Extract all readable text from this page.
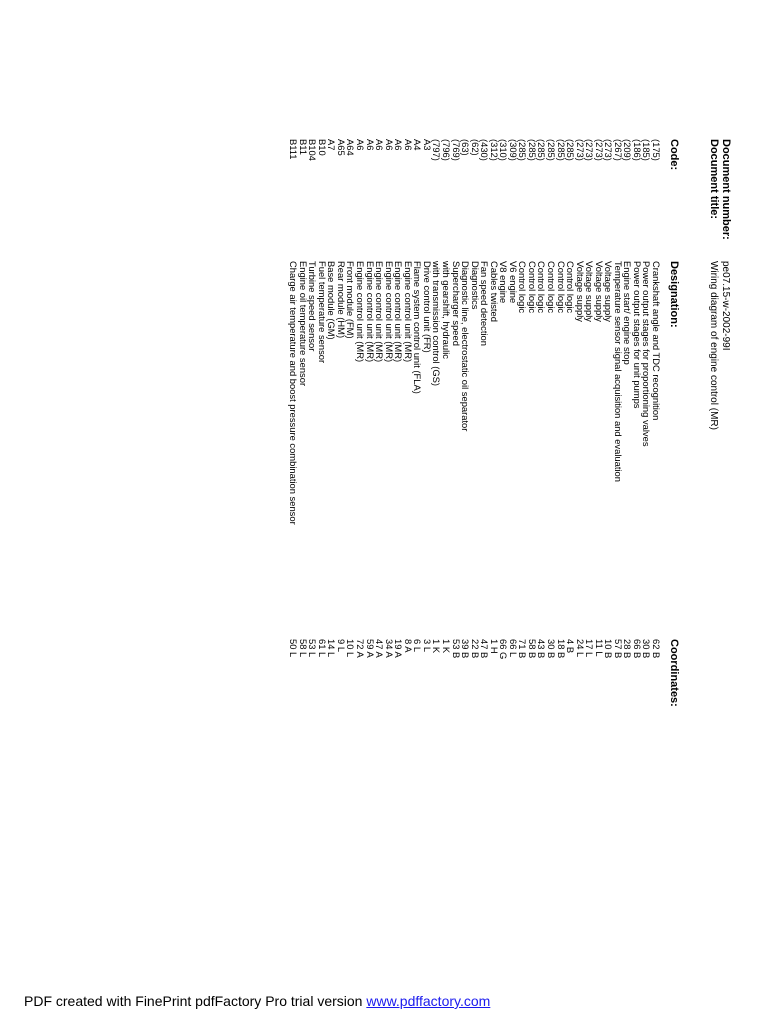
Document number:
pe07.15-w-2002-99I
Document title:
Wiring diagram of engine control (MR)
Code:
Designation:
Coordinates:
(175)
Crankshaft angle and TDC recognition
62 B
(185)
Power output stages for proportioning valves
30 B
(186)
Power output stages for unit pumps
66 B
(209)
Engine start/ engine stop
28 B
(267)
Temperature sensor signal acquisition and evaluation
57 B
(273)
Voltage supply
10 B
(273)
Voltage supply
11 L
(273)
Voltage supply
17 L
(273)
Voltage supply
24 L
(285)
Control logic
4 B
(285)
Control logic
18 B
(285)
Control logic
30 B
(285)
Control logic
43 B
(285)
Control logic
58 B
(285)
Control logic
71 B
(309)
V6 engine
66 L
(310)
V8 engine
66 G
(312)
Cables twisted
1 H
(430)
Fan speed detection
47 B
(62)
Diagnostics
22 B
(63)
Diagnostic line, electrostatic oil separator
39 B
(769)
Supercharger speed
53 B
(796)
with gearshift, hydraulic
1 K
(797)
with transmission control (GS)
1 K
A3
Drive control unit (FR)
3 L
A4
Flame system control unit (FLA)
6 L
A6
Engine control unit (MR)
8 A
A6
Engine control unit (MR)
19 A
A6
Engine control unit (MR)
34 A
A6
Engine control unit (MR)
47 A
A6
Engine control unit (MR)
59 A
A6
Engine control unit (MR)
72 A
A64
Front module (FM)
10 L
A65
Rear module (HM)
9 L
A7
Base module (GM)
14 L
B10
Fuel temperature sensor
61 L
B104
Turbine speed sensor
53 L
B11
Engine oil temperature sensor
58 L
B111
Charge air temperature and boost pressure combination sensor
50 L
PDF created with FinePrint pdfFactory Pro trial version www.pdffactory.com
